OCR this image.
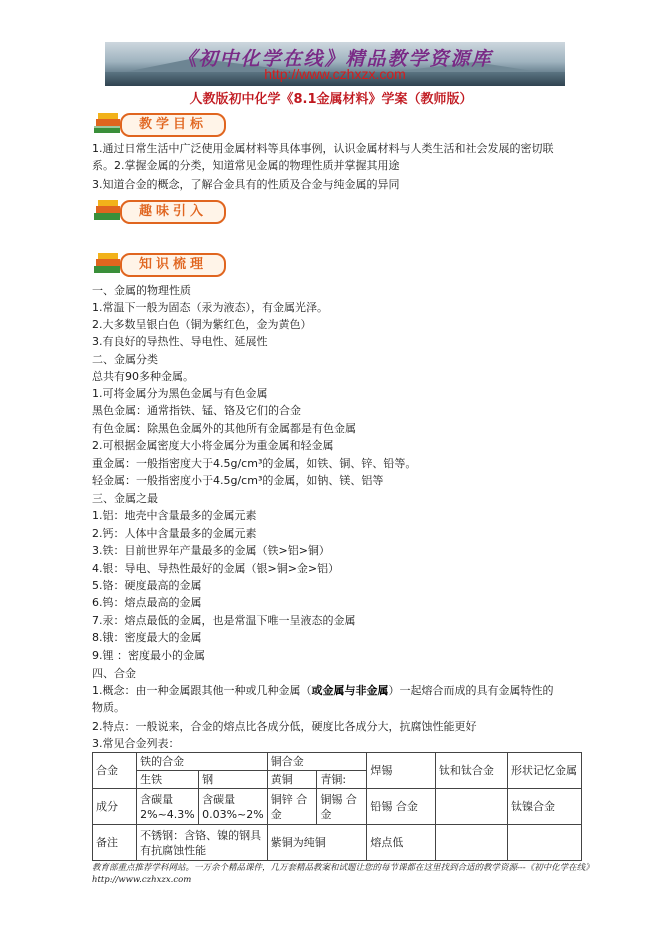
《初中化学在线》精品教学资源库
http://www.czhxzx.com
人教版初中化学《8.1金属材料》学案（教师版）
教学目标
1.通过日常生活中广泛使用金属材料等具体事例，认识金属材料与人类生活和社会发展的密切联系。2.掌握金属的分类，知道常见金属的物理性质并掌握其用途
3.知道合金的概念，了解合金具有的性质及合金与纯金属的异同
趣味引入
知识梳理
一、金属的物理性质
1.常温下一般为固态（汞为液态），有金属光泽。
2.大多数呈银白色（铜为紫红色，金为黄色）
3.有良好的导热性、导电性、延展性
二、金属分类
总共有90多种金属。
1.可将金属分为黑色金属与有色金属
黑色金属：通常指铁、锰、铬及它们的合金
有色金属：除黑色金属外的其他所有金属都是有色金属
2.可根据金属密度大小将金属分为重金属和轻金属
重金属：一般指密度大于4.5g/cm³的金属，如铁、铜、锌、铅等。
轻金属：一般指密度小于4.5g/cm³的金属，如钠、镁、铝等
三、金属之最
1.铝：地壳中含量最多的金属元素
2.钙：人体中含量最多的金属元素
3.铁：目前世界年产量最多的金属（铁>铝>铜）
4.银：导电、导热性最好的金属（银>铜>金>铝）
5.铬：硬度最高的金属
6.钨：熔点最高的金属
7.汞：熔点最低的金属，也是常温下唯一呈液态的金属
8.锇：密度最大的金属
9.锂 ：密度最小的金属
四、合金
1.概念：由一种金属跟其他一种或几种金属（或金属与非金属）一起熔合而成的具有金属特性的物质。
2.特点：一般说来，合金的熔点比各成分低，硬度比各成分大，抗腐蚀性能更好
3.常见合金列表：
合金	铁的合金		铜合金		焊锡	钛和钛合金	形状记忆金属
	生铁	钢	黄铜	青铜:			
成分	含碳量 2%~4.3%	含碳量 0.03%~2%	铜锌 合金	铜锡 合金	铅锡 合金		钛镍合金
备注	不锈钢：含铬、镍的钢具有抗腐蚀性能		紫铜为纯铜		熔点低		
教育部重点推荐学科网站。一万余个精品课件，几万套精品教案和试题让您的每节课都在这里找到合适的教学资源---《初中化学在线》http://www.czhxzx.com
